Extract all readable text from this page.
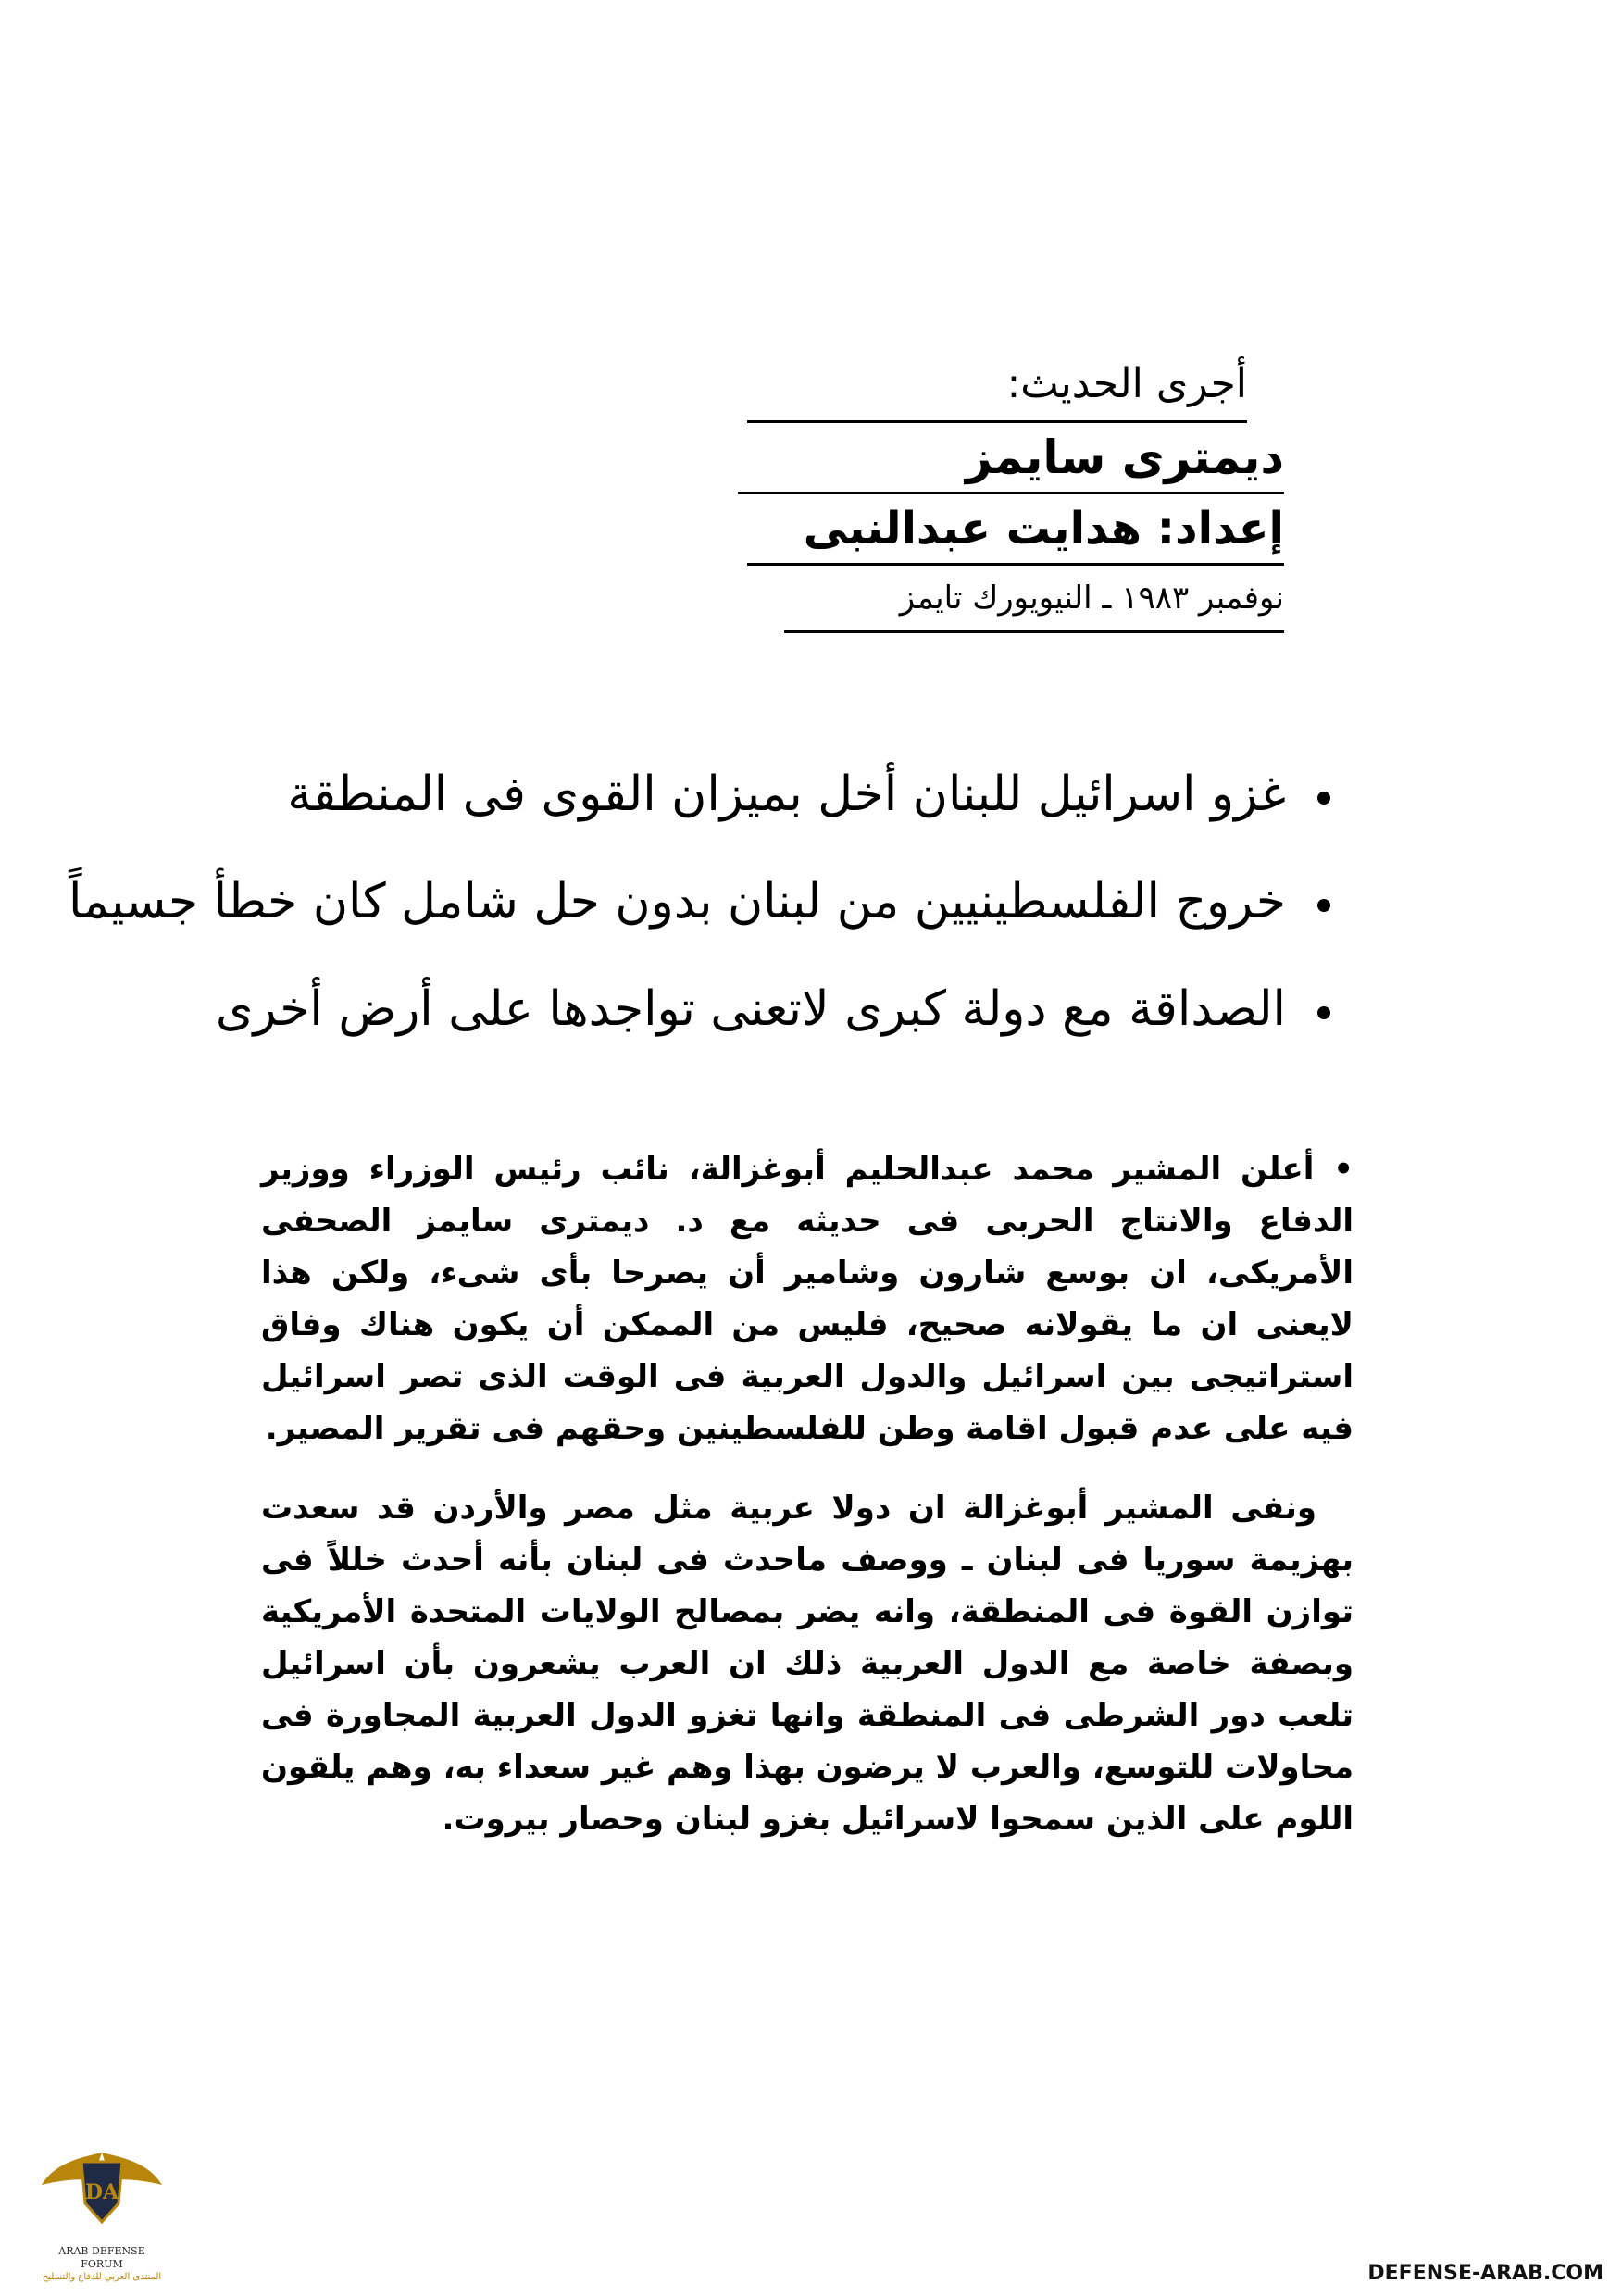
أجرى الحديث:
ديمترى سايمز
إعداد: هدايت عبدالنبى
نوفمبر ١٩٨٣ ـ النيويورك تايمز
غزو اسرائيل للبنان أخل بميزان القوى فى المنطقة
خروج الفلسطينيين من لبنان بدون حل شامل كان خطأ جسيماً
الصداقة مع دولة كبرى لاتعنى تواجدها على أرض أخرى

• أعلن المشير محمد عبدالحليم أبوغزالة، نائب رئيس الوزراء ووزير الدفاع والانتاج الحربى فى حديثه مع د. ديمترى سايمز الصحفى الأمريكى، ان بوسع شارون وشامير أن يصرحا بأى شىء، ولكن هذا لايعنى ان ما يقولانه صحيح، فليس من الممكن أن يكون هناك وفاق استراتيجى بين اسرائيل والدول العربية فى الوقت الذى تصر اسرائيل فيه على عدم قبول اقامة وطن للفلسطينين وحقهم فى تقرير المصير.

ونفى المشير أبوغزالة ان دولا عربية مثل مصر والأردن قد سعدت بهزيمة سوريا فى لبنان ـ ووصف ماحدث فى لبنان بأنه أحدث خللاً فى توازن القوة فى المنطقة، وانه يضر بمصالح الولايات المتحدة الأمريكية وبصفة خاصة مع الدول العربية ذلك ان العرب يشعرون بأن اسرائيل تلعب دور الشرطى فى المنطقة وانها تغزو الدول العربية المجاورة فى محاولات للتوسع، والعرب لا يرضون بهذا وهم غير سعداء به، وهم يلقون اللوم على الذين سمحوا لاسرائيل بغزو لبنان وحصار بيروت.

DA
ARAB DEFENSE FORUM
المنتدى العربي للدفاع والتسليح	DEFENSE-ARAB.COM
